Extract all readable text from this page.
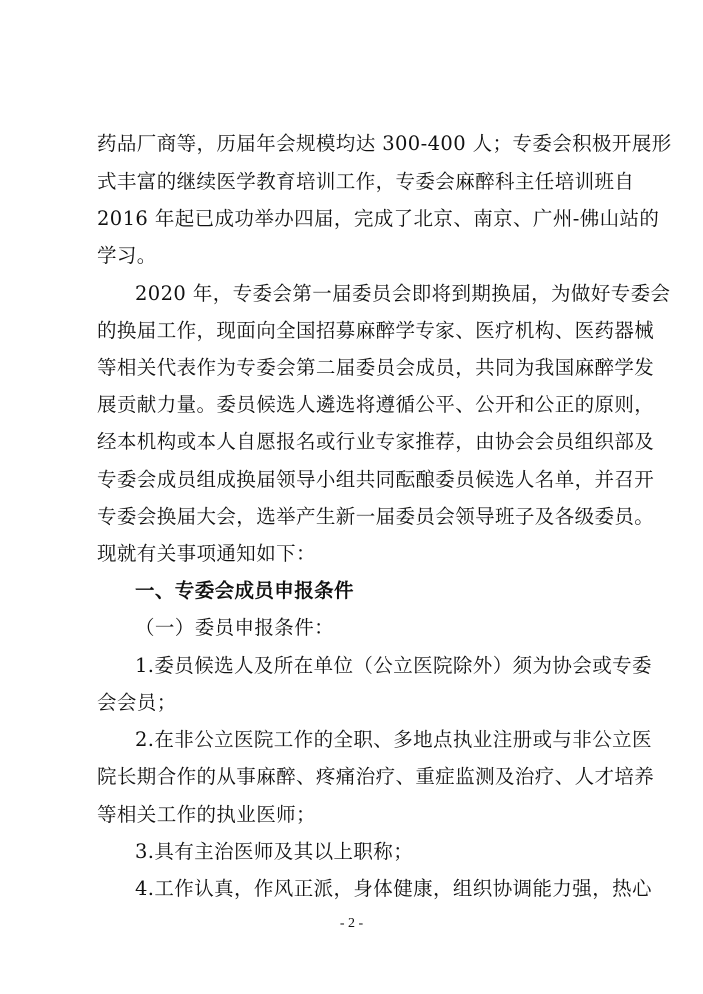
药品厂商等，历届年会规模均达 300-400 人；专委会积极开展形
式丰富的继续医学教育培训工作，专委会麻醉科主任培训班自
2016 年起已成功举办四届，完成了北京、南京、广州-佛山站的
学习。
2020 年，专委会第一届委员会即将到期换届，为做好专委会
的换届工作，现面向全国招募麻醉学专家、医疗机构、医药器械
等相关代表作为专委会第二届委员会成员，共同为我国麻醉学发
展贡献力量。委员候选人遴选将遵循公平、公开和公正的原则，
经本机构或本人自愿报名或行业专家推荐，由协会会员组织部及
专委会成员组成换届领导小组共同酝酿委员候选人名单，并召开
专委会换届大会，选举产生新一届委员会领导班子及各级委员。
现就有关事项通知如下：
一、专委会成员申报条件
（一）委员申报条件：
1.委员候选人及所在单位（公立医院除外）须为协会或专委
会会员；
2.在非公立医院工作的全职、多地点执业注册或与非公立医
院长期合作的从事麻醉、疼痛治疗、重症监测及治疗、人才培养
等相关工作的执业医师；
3.具有主治医师及其以上职称；
4.工作认真，作风正派，身体健康，组织协调能力强，热心
- 2 -
